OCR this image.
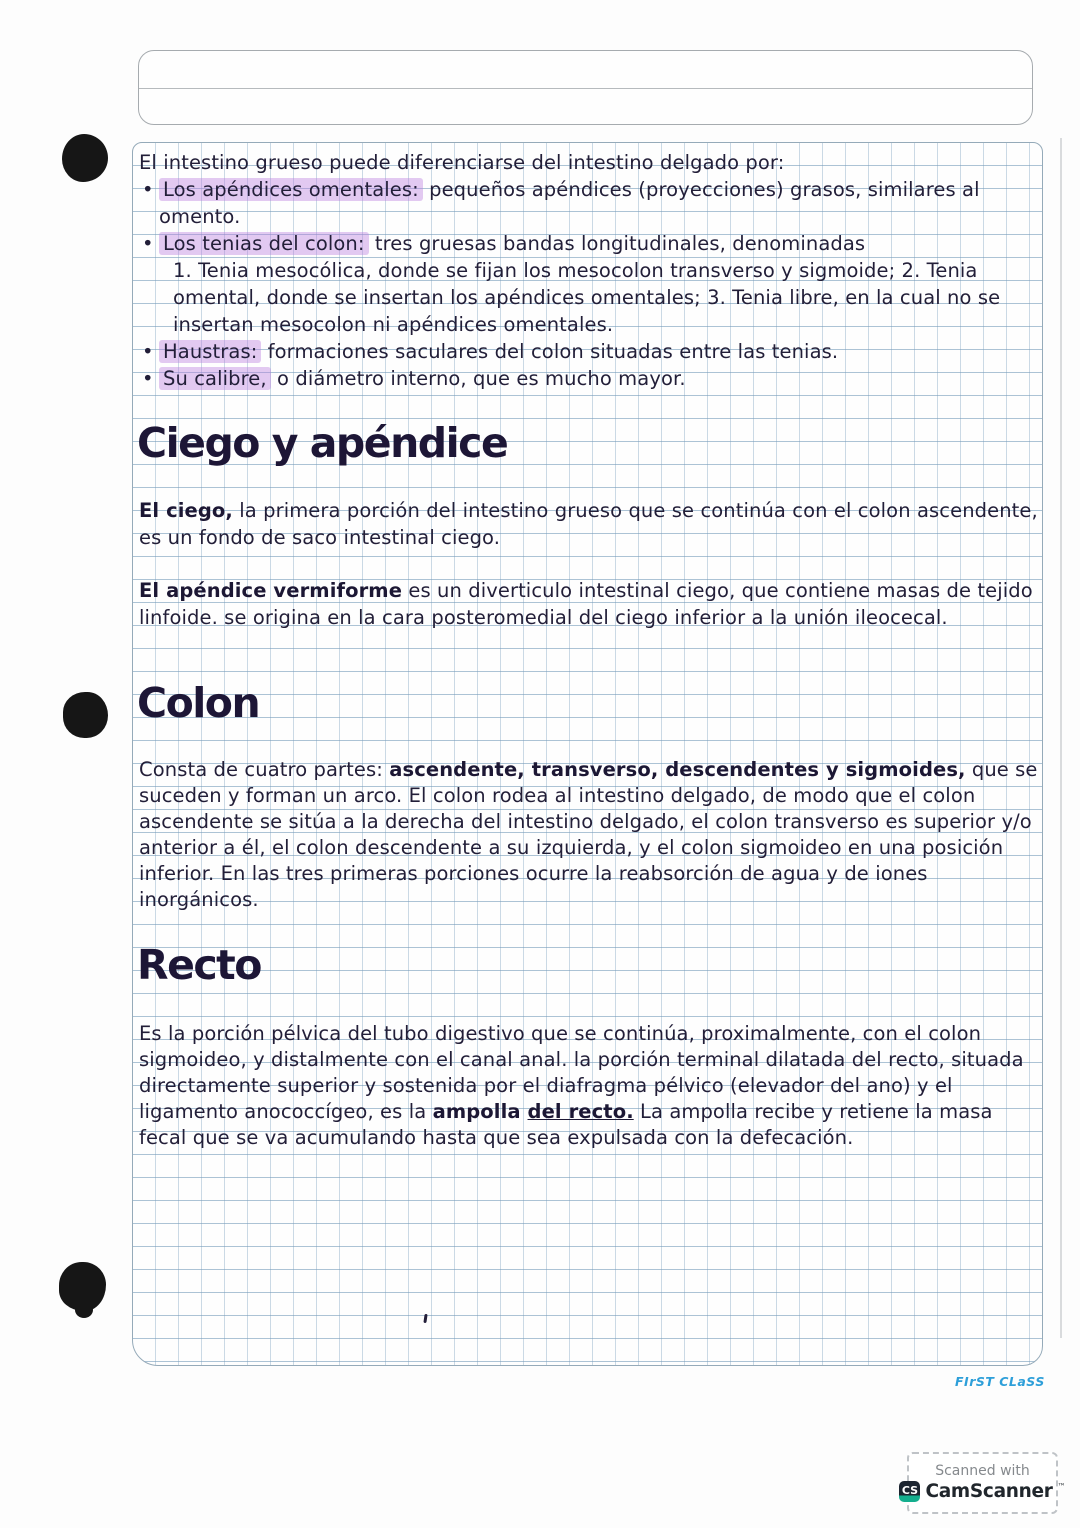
El intestino grueso puede diferenciarse del intestino delgado por:
• Los apéndices omentales: pequeños apéndices (proyecciones) grasos, similares al omento.
• Los tenias del colon: tres gruesas bandas longitudinales, denominadas
1. Tenia mesocólica, donde se fijan los mesocolon transverso y sigmoide; 2. Tenia omental, donde se insertan los apéndices omentales; 3. Tenia libre, en la cual no se insertan mesocolon ni apéndices omentales.
• Haustras: formaciones saculares del colon situadas entre las tenias.
• Su calibre, o diámetro interno, que es mucho mayor.
Ciego y apéndice
El ciego, la primera porción del intestino grueso que se continúa con el colon ascendente, es un fondo de saco intestinal ciego.
El apéndice vermiforme es un diverticulo intestinal ciego, que contiene masas de tejido linfoide. se origina en la cara posteromedial del ciego inferior a la unión ileocecal.
Colon
Consta de cuatro partes: ascendente, transverso, descendentes y sigmoides, que se suceden y forman un arco. El colon rodea al intestino delgado, de modo que el colon ascendente se sitúa a la derecha del intestino delgado, el colon transverso es superior y/o anterior a él, el colon descendente a su izquierda, y el colon sigmoideo en una posición inferior. En las tres primeras porciones ocurre la reabsorción de agua y de iones inorgánicos.
Recto
Es la porción pélvica del tubo digestivo que se continúa, proximalmente, con el colon sigmoideo, y distalmente con el canal anal. la porción terminal dilatada del recto, situada directamente superior y sostenida por el diafragma pélvico (elevador del ano) y el ligamento anococcígeo, es la ampolla del recto. La ampolla recibe y retiene la masa fecal que se va acumulando hasta que sea expulsada con la defecación.
FIrST CLaSS
Scanned with
CS CamScanner ™
